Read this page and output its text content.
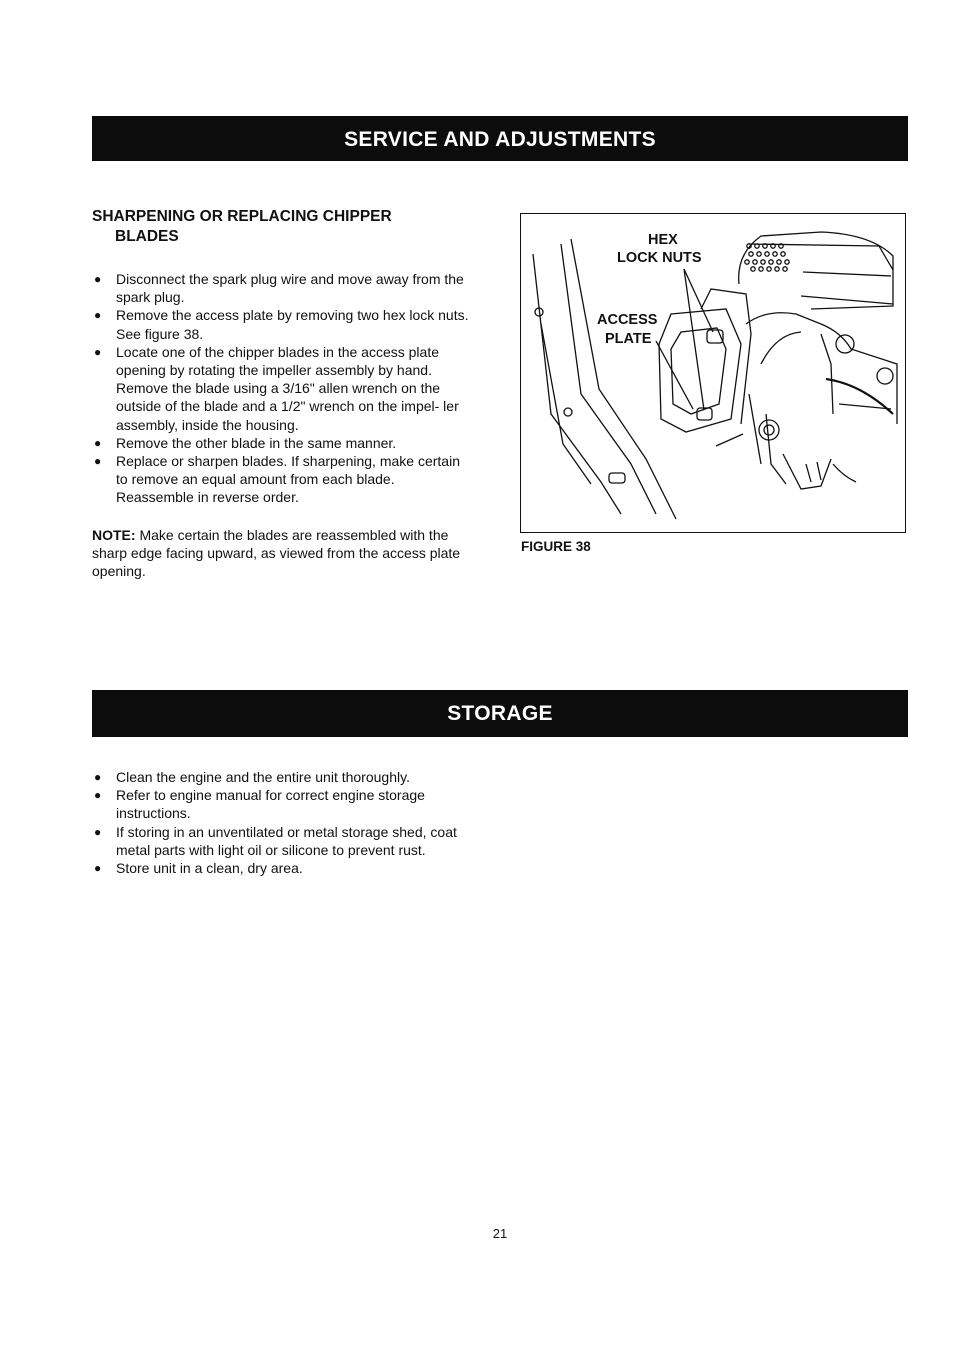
SERVICE AND ADJUSTMENTS
SHARPENING OR REPLACING CHIPPER
BLADES
● Disconnect the spark plug wire and move away from the spark plug.
● Remove the access plate by removing two hex lock nuts. See figure 38.
● Locate one of the chipper blades in the access plate opening by rotating the impeller assembly by hand. Remove the blade using a 3/16" allen wrench on the outside of the blade and a 1/2" wrench on the impel- ler assembly, inside the housing.
● Remove the other blade in the same manner.
● Replace or sharpen blades. If sharpening, make certain to remove an equal amount from each blade. Reassemble in reverse order.

NOTE: Make certain the blades are reassembled with the sharp edge facing upward, as viewed from the access plate opening.

HEX
LOCK NUTS
ACCESS
PLATE
FIGURE 38
STORAGE
● Clean the engine and the entire unit thoroughly.
● Refer to engine manual for correct engine storage instructions.
● If storing in an unventilated or metal storage shed, coat metal parts with light oil or silicone to prevent rust.
● Store unit in a clean, dry area.
21
